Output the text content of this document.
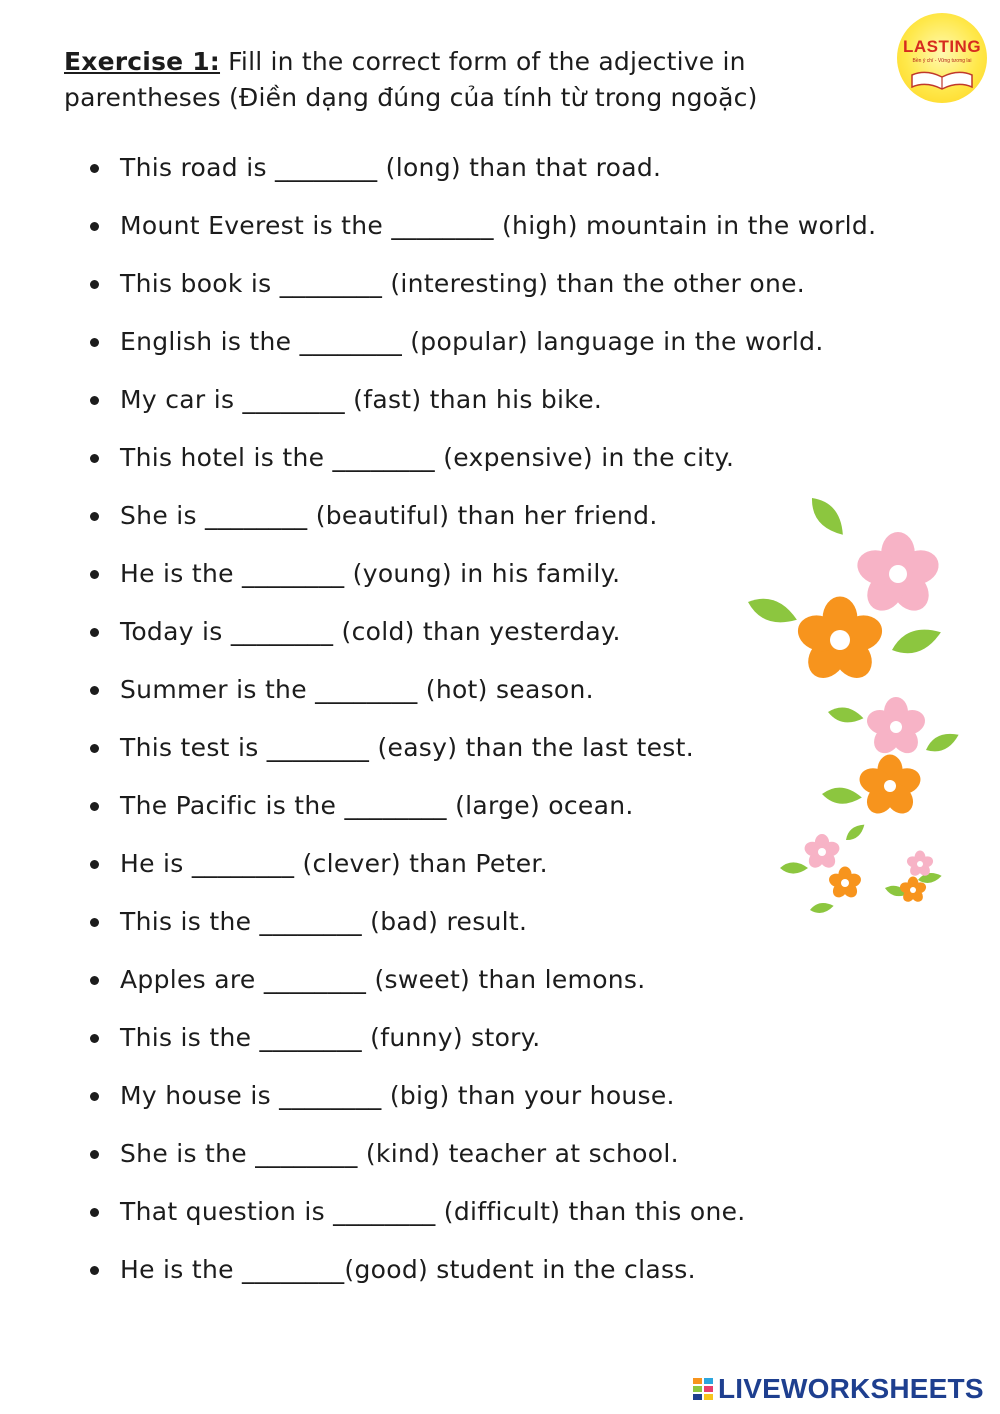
Exercise 1: Fill in the correct form of the adjective in parentheses (Điền dạng đúng của tính từ trong ngoặc)
LASTING
Bền ý chí - Vững tương lai
This road is ________ (long) than that road.
Mount Everest is the ________ (high) mountain in the world.
This book is ________ (interesting) than the other one.
English is the ________ (popular) language in the world.
My car is ________ (fast) than his bike.
This hotel is the ________ (expensive) in the city.
She is ________ (beautiful) than her friend.
He is the ________ (young) in his family.
Today is ________ (cold) than yesterday.
Summer is the ________ (hot) season.
This test is ________ (easy) than the last test.
The Pacific is the ________ (large) ocean.
He is ________ (clever) than Peter.
This is the ________ (bad) result.
Apples are ________ (sweet) than lemons.
This is the ________ (funny) story.
My house is ________ (big) than your house.
She is the ________ (kind) teacher at school.
That question is ________ (difficult) than this one.
He is the ________(good) student in the class.
LIVEWORKSHEETS
